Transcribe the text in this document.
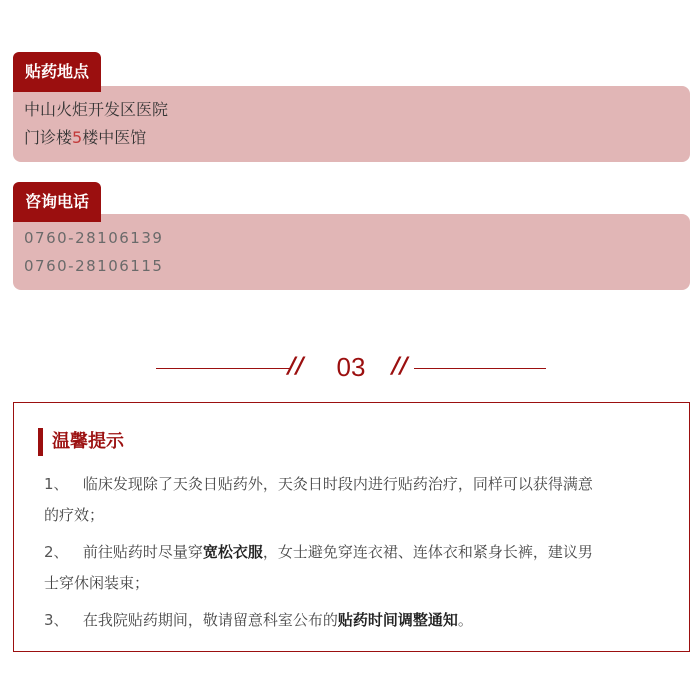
贴药地点
中山火炬开发区医院
门诊楼5楼中医馆
咨询电话
0760-28106139
0760-28106115
// 03 //
温馨提示
1、 临床发现除了天灸日贴药外，天灸日时段内进行贴药治疗，同样可以获得满意
的疗效；
2、 前往贴药时尽量穿宽松衣服，女士避免穿连衣裙、连体衣和紧身长裤，建议男
士穿休闲装束；
3、 在我院贴药期间，敬请留意科室公布的贴药时间调整通知。
